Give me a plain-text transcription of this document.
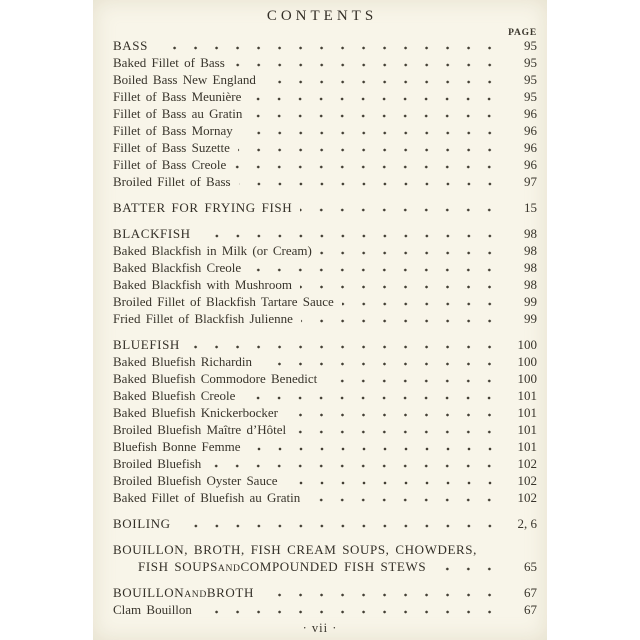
CONTENTS
PAGE
BASS	95
Baked Fillet of Bass	95
Boiled Bass New England	95
Fillet of Bass Meunière	95
Fillet of Bass au Gratin	96
Fillet of Bass Mornay	96
Fillet of Bass Suzette	96
Fillet of Bass Creole	96
Broiled Fillet of Bass	97
BATTER FOR FRYING FISH	15
BLACKFISH	98
Baked Blackfish in Milk (or Cream)	98
Baked Blackfish Creole	98
Baked Blackfish with Mushroom	98
Broiled Fillet of Blackfish Tartare Sauce	99
Fried Fillet of Blackfish Julienne	99
BLUEFISH	100
Baked Bluefish Richardin	100
Baked Bluefish Commodore Benedict	100
Baked Bluefish Creole	101
Baked Bluefish Knickerbocker	101
Broiled Bluefish Maître d’Hôtel	101
Bluefish Bonne Femme	101
Broiled Bluefish	102
Broiled Bluefish Oyster Sauce	102
Baked Fillet of Bluefish au Gratin	102
BOILING	2, 6
BOUILLON, BROTH, FISH CREAM SOUPS, CHOWDERS,
FISH SOUPS AND COMPOUNDED FISH STEWS	65
BOUILLON AND BROTH	67
Clam Bouillon	67
· vii ·
